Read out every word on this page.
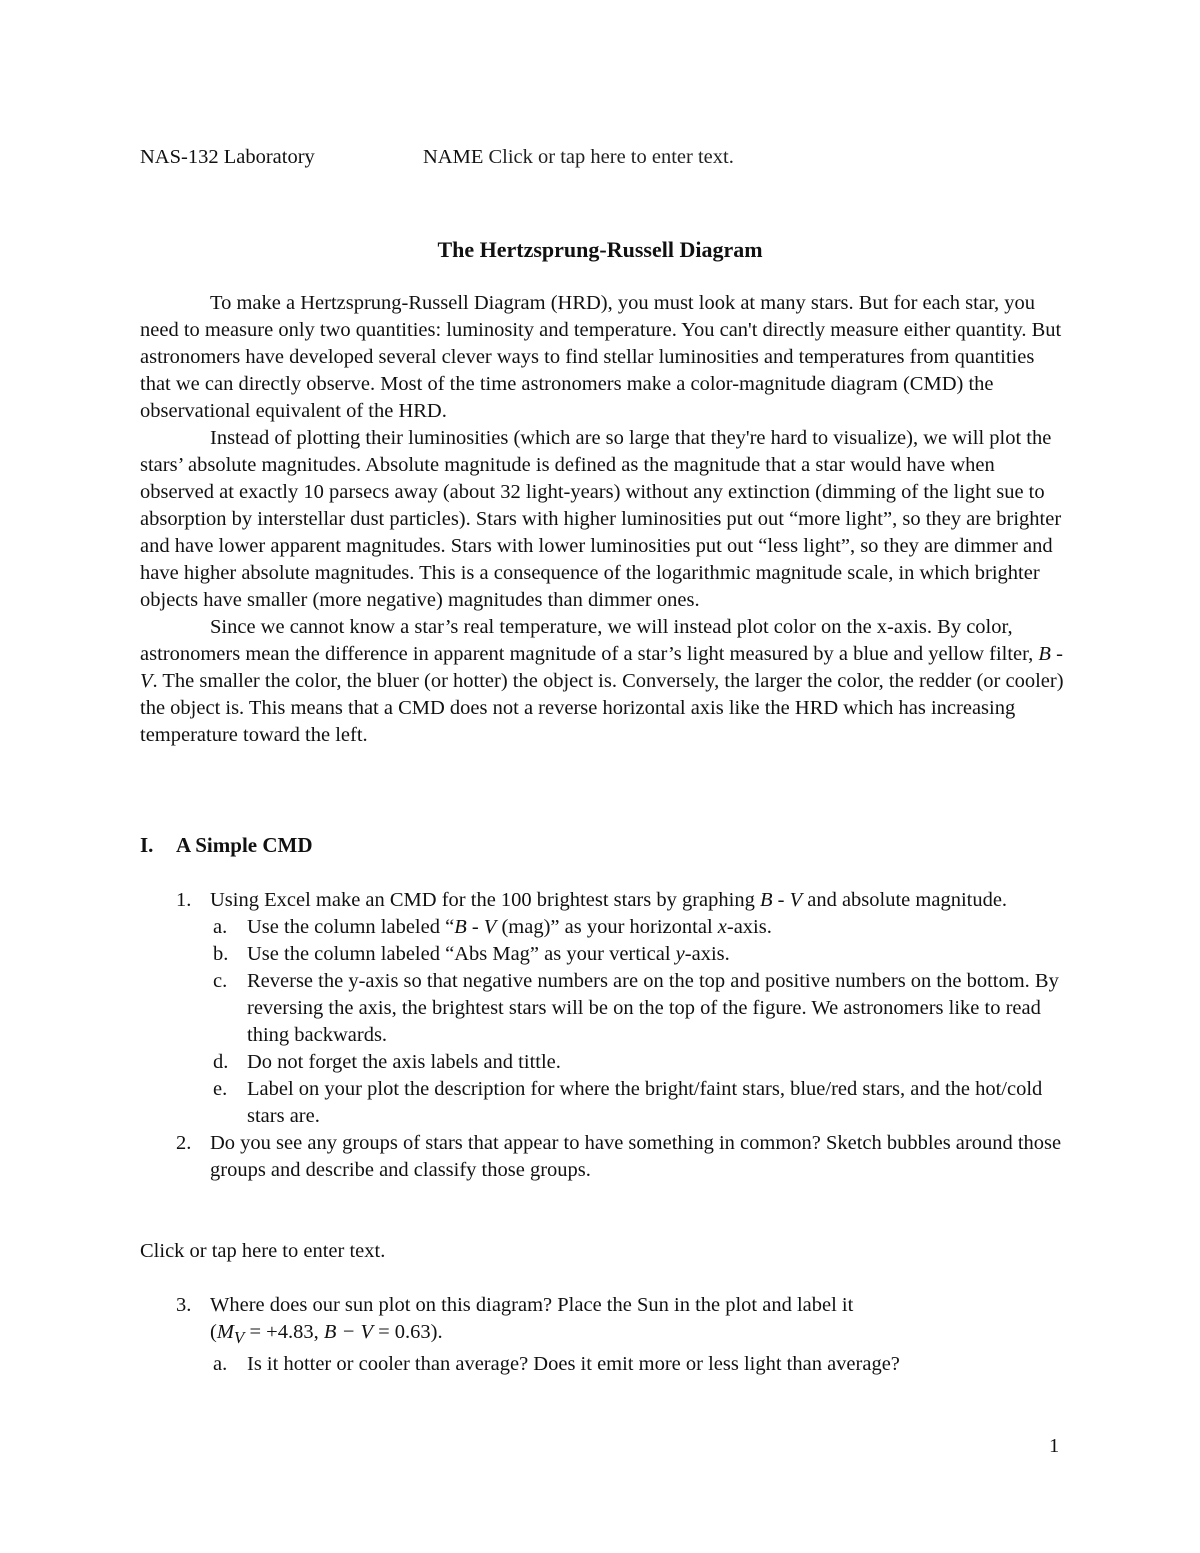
NAS-132 Laboratory	NAME Click or tap here to enter text.
The Hertzsprung-Russell Diagram

To make a Hertzsprung-Russell Diagram (HRD), you must look at many stars. But for each star, you need to measure only two quantities: luminosity and temperature. You can't directly measure either quantity. But astronomers have developed several clever ways to find stellar luminosities and temperatures from quantities that we can directly observe. Most of the time astronomers make a color-magnitude diagram (CMD) the observational equivalent of the HRD.

Instead of plotting their luminosities (which are so large that they're hard to visualize), we will plot the stars’ absolute magnitudes. Absolute magnitude is defined as the magnitude that a star would have when observed at exactly 10 parsecs away (about 32 light-years) without any extinction (dimming of the light sue to absorption by interstellar dust particles). Stars with higher luminosities put out “more light”, so they are brighter and have lower apparent magnitudes. Stars with lower luminosities put out “less light”, so they are dimmer and have higher absolute magnitudes. This is a consequence of the logarithmic magnitude scale, in which brighter objects have smaller (more negative) magnitudes than dimmer ones.

Since we cannot know a star’s real temperature, we will instead plot color on the x-axis. By color, astronomers mean the difference in apparent magnitude of a star’s light measured by a blue and yellow filter, B - V. The smaller the color, the bluer (or hotter) the object is. Conversely, the larger the color, the redder (or cooler) the object is. This means that a CMD does not a reverse horizontal axis like the HRD which has increasing temperature toward the left.

I. A Simple CMD
1. Using Excel make an CMD for the 100 brightest stars by graphing B - V and absolute magnitude.
a. Use the column labeled “B - V (mag)” as your horizontal x-axis.
b. Use the column labeled “Abs Mag” as your vertical y-axis.
c. Reverse the y-axis so that negative numbers are on the top and positive numbers on the bottom. By reversing the axis, the brightest stars will be on the top of the figure. We astronomers like to read thing backwards.
d. Do not forget the axis labels and tittle.
e. Label on your plot the description for where the bright/faint stars, blue/red stars, and the hot/cold stars are.
2. Do you see any groups of stars that appear to have something in common? Sketch bubbles around those groups and describe and classify those groups.
Click or tap here to enter text.
3. Where does our sun plot on this diagram? Place the Sun in the plot and label it
($M_V = +4.83$, B − V = 0.63).
a. Is it hotter or cooler than average? Does it emit more or less light than average?
1
